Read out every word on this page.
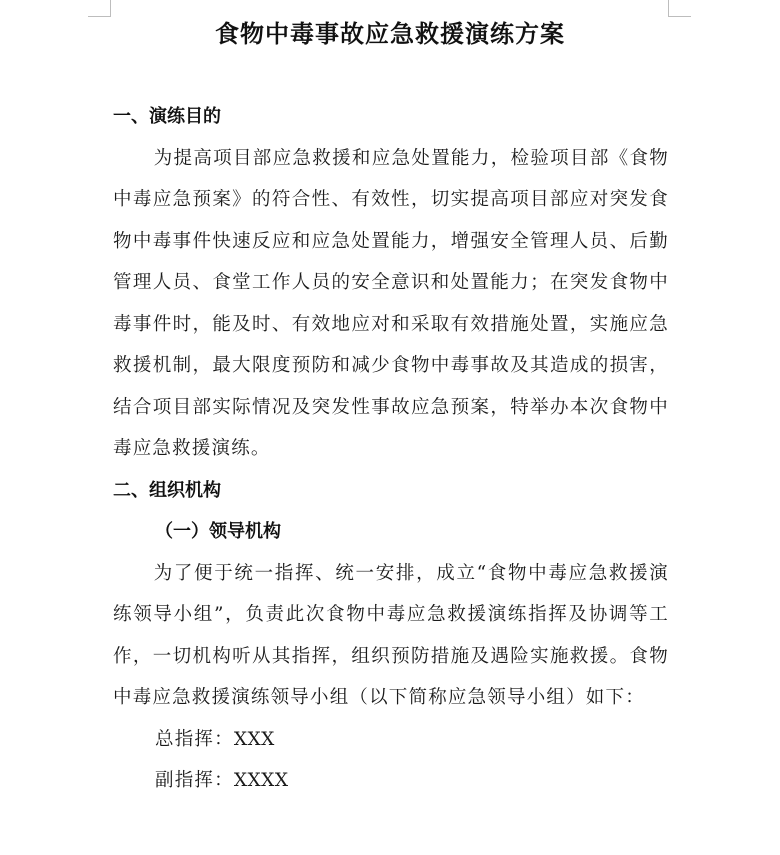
食物中毒事故应急救援演练方案
一、演练目的

为提高项目部应急救援和应急处置能力，检验项目部《食物中毒应急预案》的符合性、有效性，切实提高项目部应对突发食物中毒事件快速反应和应急处置能力，增强安全管理人员、后勤管理人员、食堂工作人员的安全意识和处置能力；在突发食物中毒事件时，能及时、有效地应对和采取有效措施处置，实施应急救援机制，最大限度预防和减少食物中毒事故及其造成的损害，结合项目部实际情况及突发性事故应急预案，特举办本次食物中毒应急救援演练。

二、组织机构
（一）领导机构

为了便于统一指挥、统一安排，成立“食物中毒应急救援演练领导小组”，负责此次食物中毒应急救援演练指挥及协调等工作，一切机构听从其指挥，组织预防措施及遇险实施救援。食物中毒应急救援演练领导小组（以下简称应急领导小组）如下：

总指挥：XXX
副指挥：XXXX
